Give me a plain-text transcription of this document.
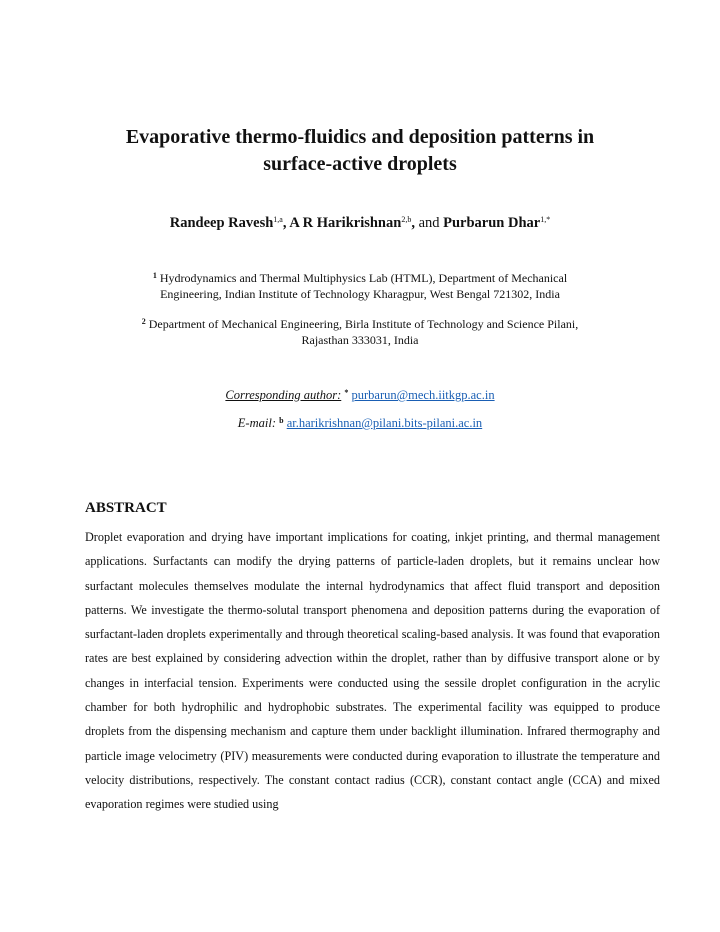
Evaporative thermo-fluidics and deposition patterns in
surface-active droplets
Randeep Ravesh$^{1,a}$, A R Harikrishnan$^{2,b}$, and Purbarun Dhar$^{1,*}$
$^1$ Hydrodynamics and Thermal Multiphysics Lab (HTML), Department of Mechanical
Engineering, Indian Institute of Technology Kharagpur, West Bengal 721302, India
$^2$ Department of Mechanical Engineering, Birla Institute of Technology and Science Pilani,
Rajasthan 333031, India
Corresponding author: * purbarun@mech.iitkgp.ac.in
E-mail: $^b$ ar.harikrishnan@pilani.bits-pilani.ac.in
ABSTRACT

Droplet evaporation and drying have important implications for coating, inkjet printing, and thermal management applications. Surfactants can modify the drying patterns of particle-laden droplets, but it remains unclear how surfactant molecules themselves modulate the internal hydrodynamics that affect fluid transport and deposition patterns. We investigate the thermo-solutal transport phenomena and deposition patterns during the evaporation of surfactant-laden droplets experimentally and through theoretical scaling-based analysis. It was found that evaporation rates are best explained by considering advection within the droplet, rather than by diffusive transport alone or by changes in interfacial tension. Experiments were conducted using the sessile droplet configuration in the acrylic chamber for both hydrophilic and hydrophobic substrates. The experimental facility was equipped to produce droplets from the dispensing mechanism and capture them under backlight illumination. Infrared thermography and particle image velocimetry (PIV) measurements were conducted during evaporation to illustrate the temperature and velocity distributions, respectively. The constant contact radius (CCR), constant contact angle (CCA) and mixed evaporation regimes were studied using
